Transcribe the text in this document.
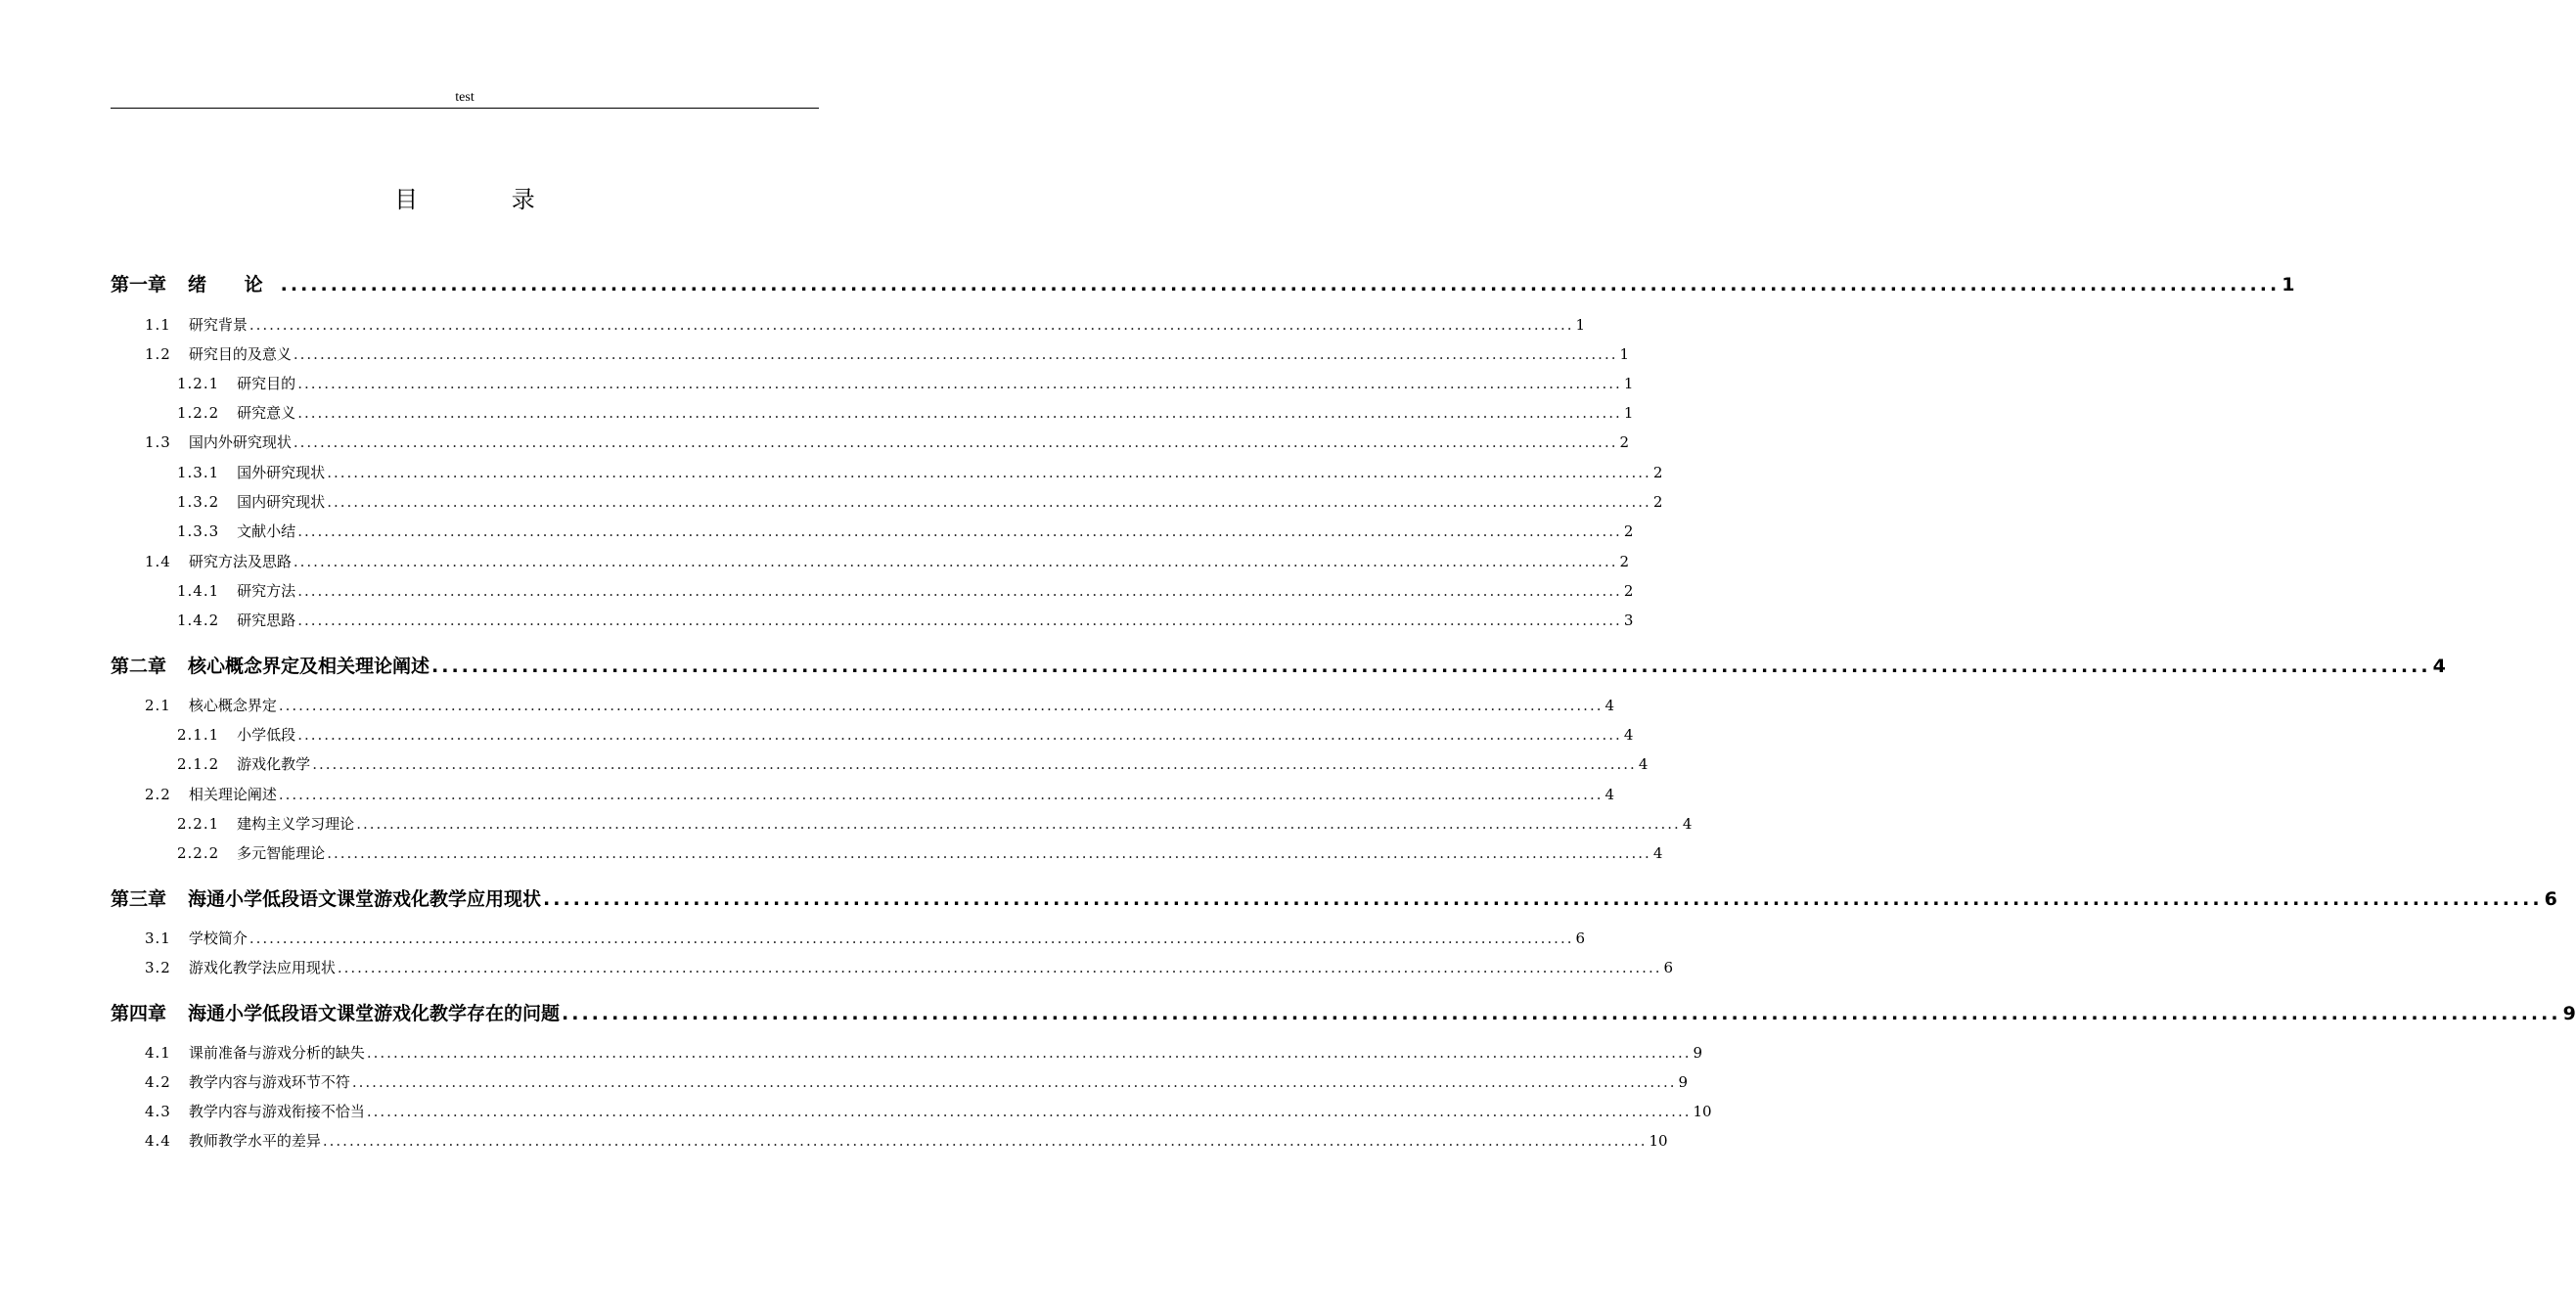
test
目 录
第一章 绪 论 ........................................................................................................................................................................................................ 1
1.1 研究背景 ........................................................................................................................................................................................................ 1
1.2 研究目的及意义 ........................................................................................................................................................................................................ 1
1.2.1 研究目的 ........................................................................................................................................................................................................ 1
1.2.2 研究意义 ........................................................................................................................................................................................................ 1
1.3 国内外研究现状 ........................................................................................................................................................................................................ 2
1.3.1 国外研究现状 ........................................................................................................................................................................................................ 2
1.3.2 国内研究现状 ........................................................................................................................................................................................................ 2
1.3.3 文献小结 ........................................................................................................................................................................................................ 2
1.4 研究方法及思路 ........................................................................................................................................................................................................ 2
1.4.1 研究方法 ........................................................................................................................................................................................................ 2
1.4.2 研究思路 ........................................................................................................................................................................................................ 3
第二章 核心概念界定及相关理论阐述 ........................................................................................................................................................................................................ 4
2.1 核心概念界定 ........................................................................................................................................................................................................ 4
2.1.1 小学低段 ........................................................................................................................................................................................................ 4
2.1.2 游戏化教学 ........................................................................................................................................................................................................ 4
2.2 相关理论阐述 ........................................................................................................................................................................................................ 4
2.2.1 建构主义学习理论 ........................................................................................................................................................................................................ 4
2.2.2 多元智能理论 ........................................................................................................................................................................................................ 4
第三章 海通小学低段语文课堂游戏化教学应用现状 ........................................................................................................................................................................................................ 6
3.1 学校简介 ........................................................................................................................................................................................................ 6
3.2 游戏化教学法应用现状 ........................................................................................................................................................................................................ 6
第四章 海通小学低段语文课堂游戏化教学存在的问题 ........................................................................................................................................................................................................ 9
4.1 课前准备与游戏分析的缺失 ........................................................................................................................................................................................................ 9
4.2 教学内容与游戏环节不符 ........................................................................................................................................................................................................ 9
4.3 教学内容与游戏衔接不恰当 ........................................................................................................................................................................................................ 10
4.4 教师教学水平的差异 ........................................................................................................................................................................................................ 10
